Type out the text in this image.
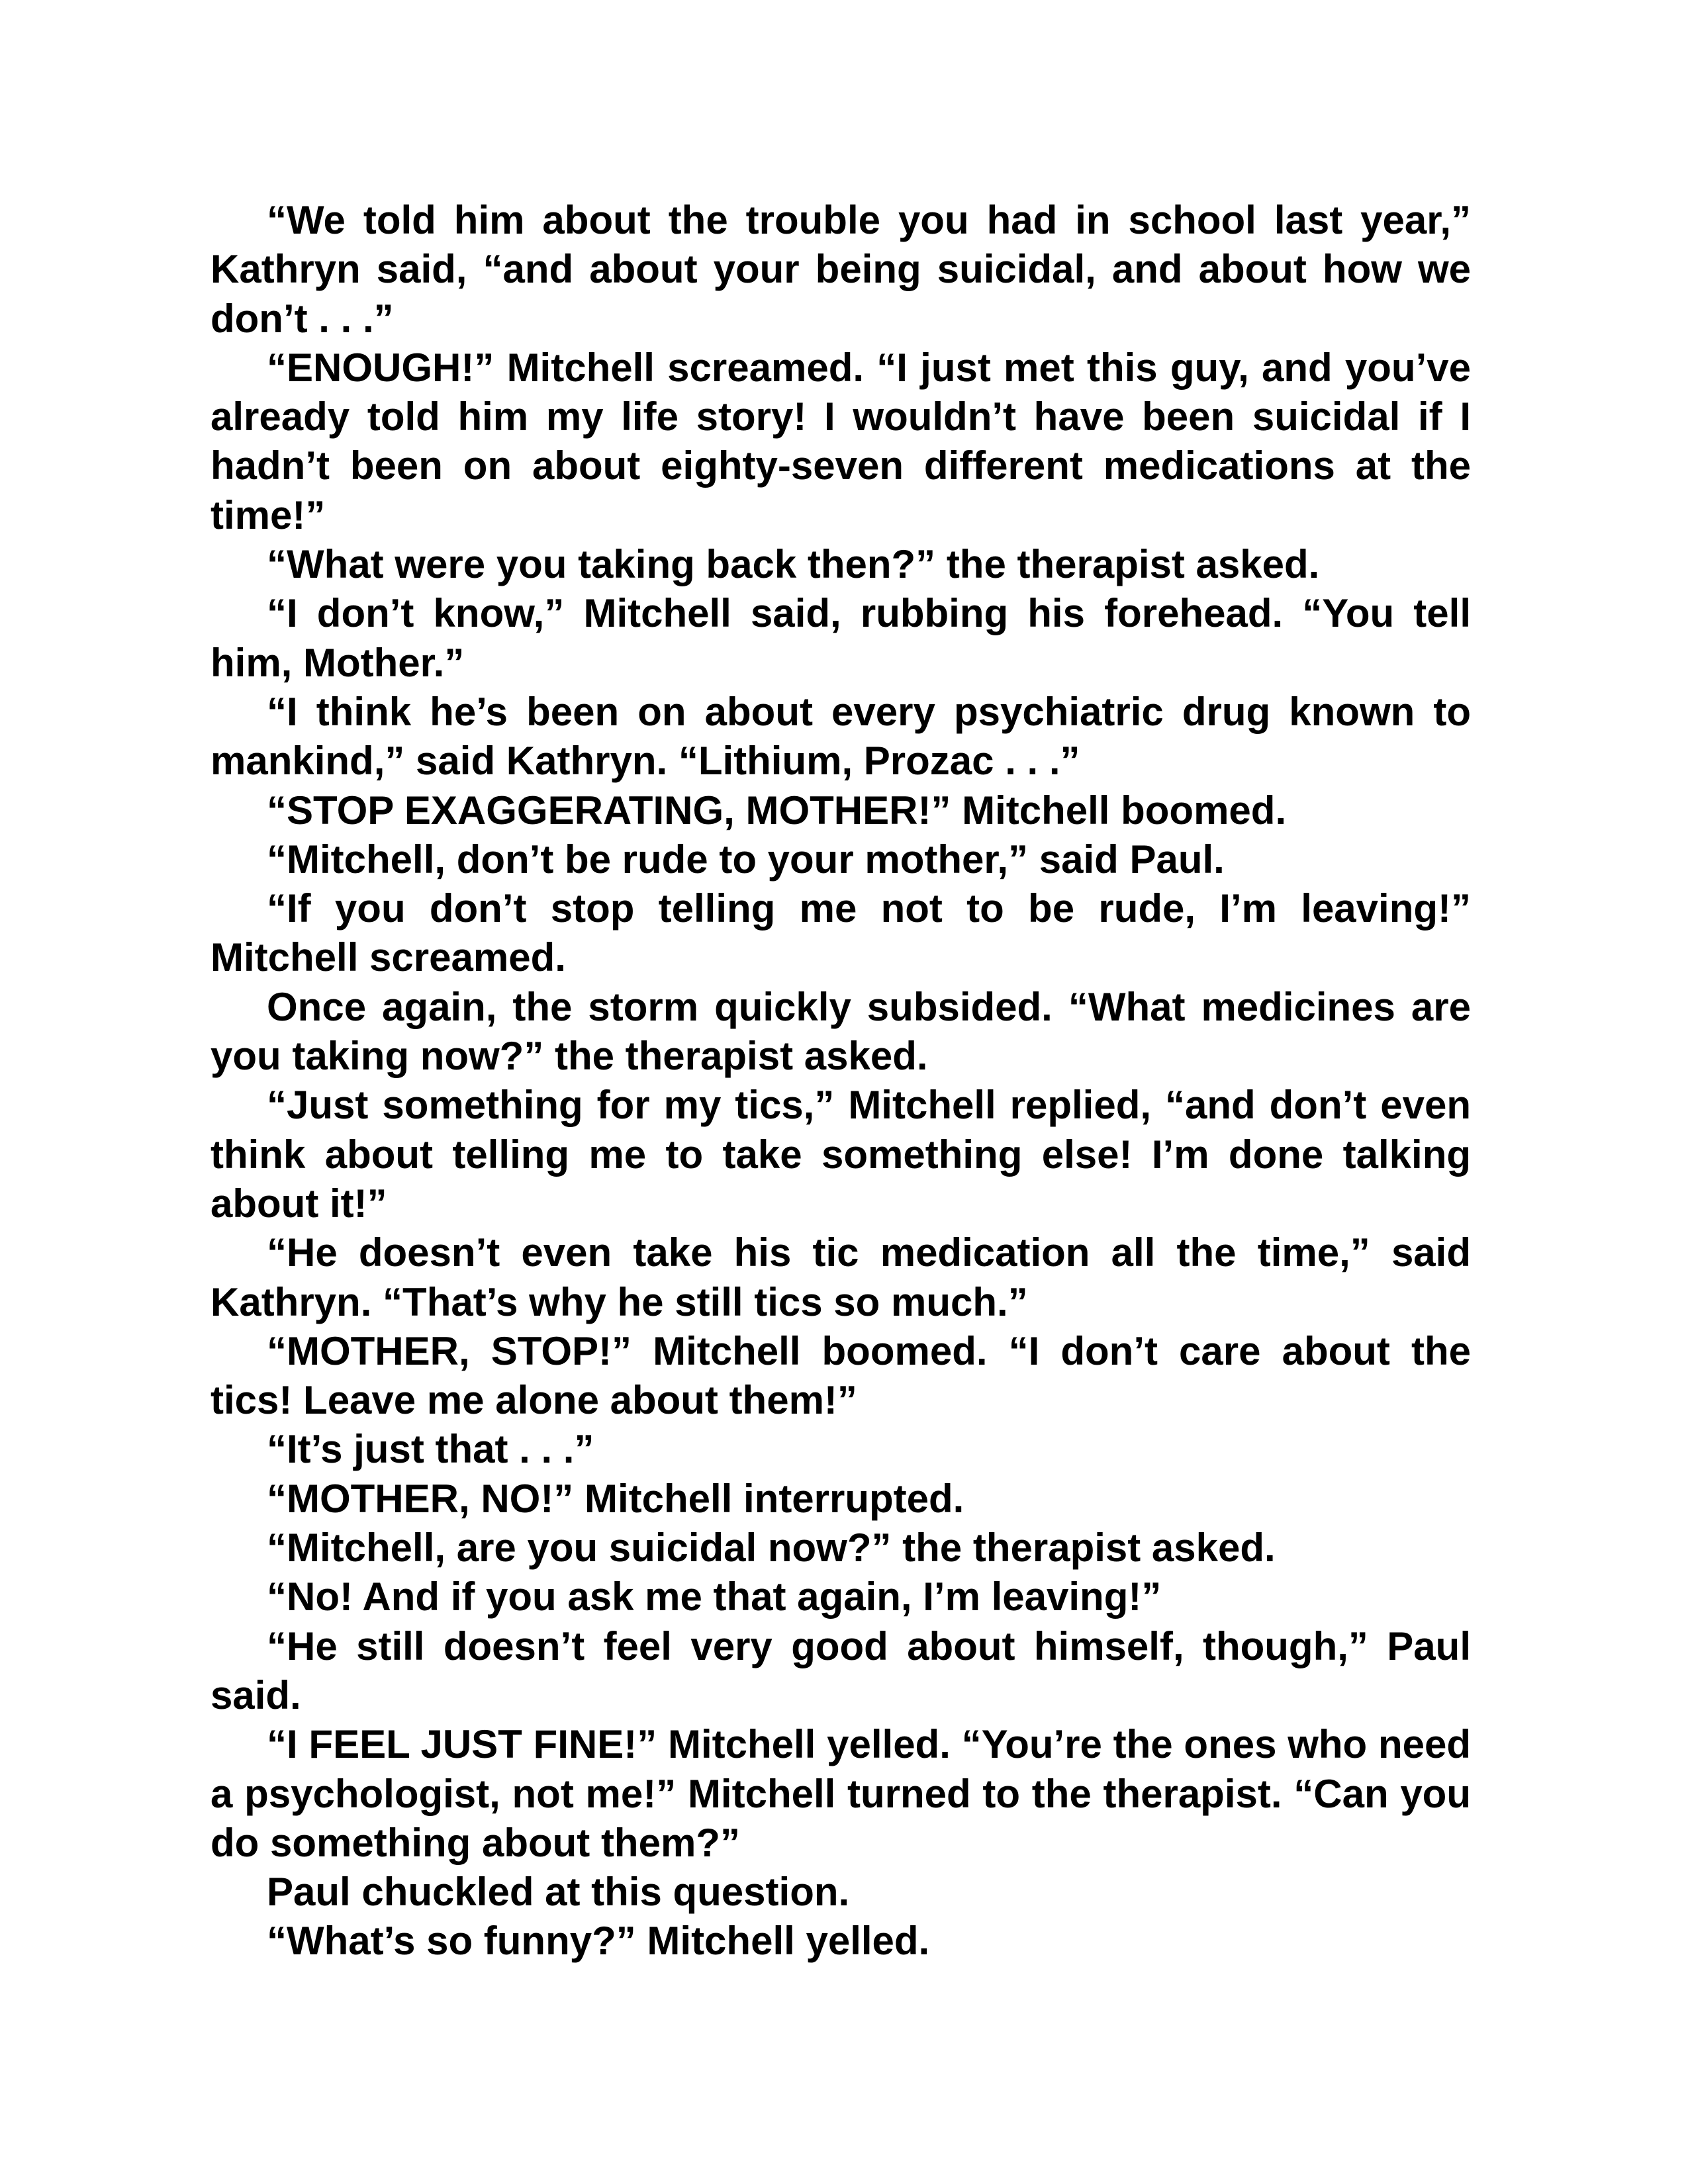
“We told him about the trouble you had in school last year,” Kathryn said, “and about your being suicidal, and about how we don’t . . .”

“ENOUGH!” Mitchell screamed. “I just met this guy, and you’ve already told him my life story! I wouldn’t have been suicidal if I hadn’t been on about eighty-seven different medications at the time!”

“What were you taking back then?” the therapist asked.

“I don’t know,” Mitchell said, rubbing his forehead. “You tell him, Mother.”

“I think he’s been on about every psychiatric drug known to mankind,” said Kathryn. “Lithium, Prozac . . .”

“STOP EXAGGERATING, MOTHER!” Mitchell boomed.

“Mitchell, don’t be rude to your mother,” said Paul.

“If you don’t stop telling me not to be rude, I’m leaving!” Mitchell screamed.

Once again, the storm quickly subsided. “What medicines are you taking now?” the therapist asked.

“Just something for my tics,” Mitchell replied, “and don’t even think about telling me to take something else! I’m done talking about it!”

“He doesn’t even take his tic medication all the time,” said Kathryn. “That’s why he still tics so much.”

“MOTHER, STOP!” Mitchell boomed. “I don’t care about the tics! Leave me alone about them!”

“It’s just that . . .”

“MOTHER, NO!” Mitchell interrupted.

“Mitchell, are you suicidal now?” the therapist asked.

“No! And if you ask me that again, I’m leaving!”

“He still doesn’t feel very good about himself, though,” Paul said.

“I FEEL JUST FINE!” Mitchell yelled. “You’re the ones who need a psychologist, not me!” Mitchell turned to the therapist. “Can you do something about them?”

Paul chuckled at this question.

“What’s so funny?” Mitchell yelled.
